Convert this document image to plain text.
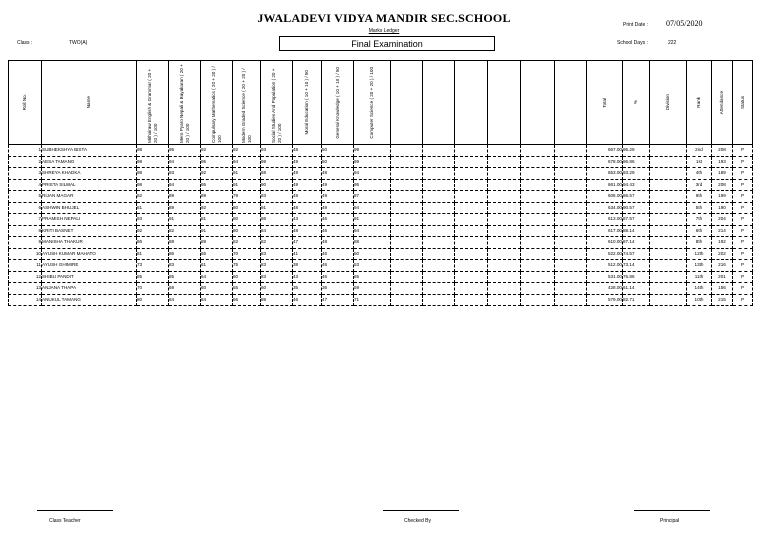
JWALADEVI VIDYA MANDIR SEC.SCHOOL
Marks Ledger
Final Examination
Print Date : 07/05/2020
Class :	TWO(A)	School Days :	222
Roll No.	Name	Mithoiraw English & Grammar ( 20 + 20 ) / 100	Mero Pyaro Nepali & Bayakaran ( 20 + 20 ) / 100	Compulsary Mathematics ( 20 + 20 ) / 100	Modern Graded Science ( 20 + 20 ) / 100	Social Studies And Population ( 20 + 20 ) / 100	Moral Education ( 10 + 10 ) / 50	General Knowledge ( 10 + 10 ) / 50	Computer Science ( 20 + 20 ) / 100							Total	%	Division	Rank	Attendance	Status

1	SUBHEKSHYA BISTA	98	95	92	92	93	48	50	99							667.00	95.29		2nd	208	P
2	AESA TAMANG	98	94	95	94	99	49	50	99							678.00	96.86		1st	193	P
3	SHREYA KHADKA	98	93	92	91	88	49	48	94							653.00	93.29		4th	189	P
4	PRISTA SILWAL	98	94	95	91	90	49	49	95							661.00	94.43		3rd	208	P
5	RIJAN MAGAR	82	89	89	79	83	48	49	87							606.00	86.57		9th	199	P
6	ASHWIN BHUJEL	81	89	92	80	91	48	49	94							634.00	90.57		5th	190	P
7	PRAMISH NEPALI	93	91	81	80	86	43	46	91							613.00	87.57		7th	204	P
8	KRITI BASNET	92	82	91	80	84	48	46	94							617.00	88.14		6th	214	P
9	MANISHA THAKUR	86	88	89	82	82	47	48	88							610.00	87.14		8th	192	P
10	AYUSH KUMAR MAHATO	81	86	65	70	83	41	46	50							522.00	74.57		12th	202	P
11	AYUSH GHIMIRE	73	83	61	75	83	38	46	53							512.00	73.14		13th	216	P
12	SHIBU PANDIT	85	85	64	60	83	43	46	65							531.00	75.86		11th	201	P
13	ANJANA THAPA	70	69	60	55	60	35	36	59							428.00	61.14		14th	156	P
14	ANUKUL TAMANG	80	84	84	66	89	46	47	71							579.00	82.71		10th	215	P
Class Teacher	Checked By	Principal
